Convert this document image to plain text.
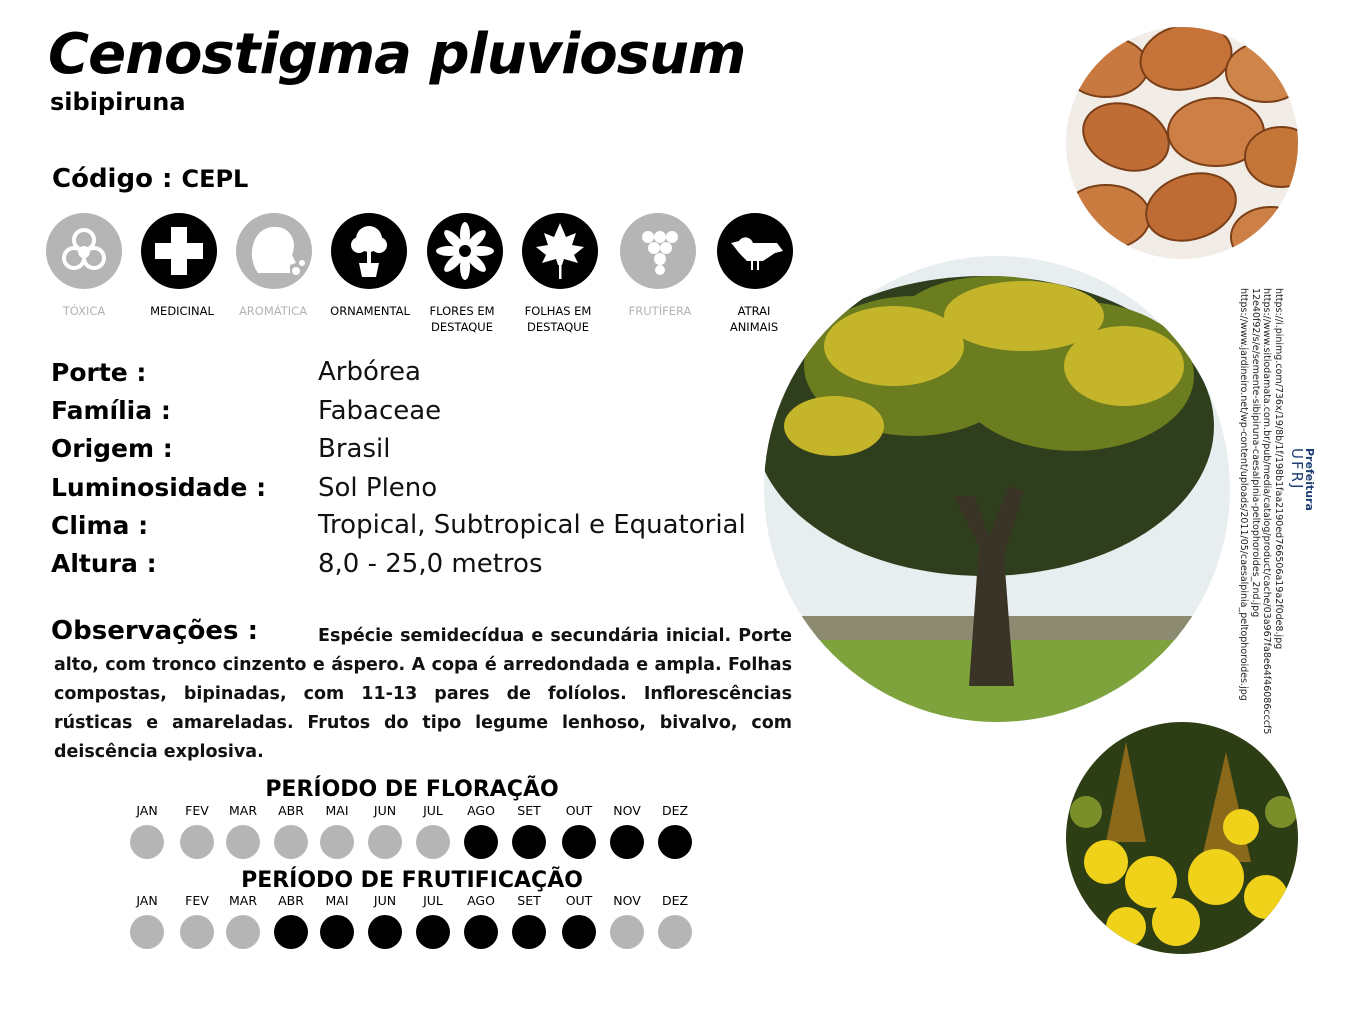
Cenostigma pluviosum
sibipiruna
Código : CEPL
TÓXICA	MEDICINAL	AROMÁTICA	ORNAMENTAL	FLORES EM DESTAQUE
FOLHAS EM DESTAQUE
FRUTÍFERA	ATRAI ANIMAIS
Porte :	Arbórea
Família :	Fabaceae
Origem :	Brasil
Luminosidade : Sol Pleno
Clima :	Tropical, Subtropical e Equatorial
Altura :	8,0 - 25,0 metros
Espécie semidecídua e secundária inicial. Porte alto, com tronco cinzento e áspero. A copa é arredondada e ampla. Folhas compostas, bipinadas, com 11-13 pares de folíolos. Inflorescências rústicas e amareladas. Frutos do tipo legume lenhoso, bivalvo, com deiscência explosiva.
Observações :
PERÍODO DE FLORAÇÃO
JAN	FEV	MAR	ABR	MAI	JUN	JUL	AGO	SET	OUT	NOV	DEZ
PERÍODO DE FRUTIFICAÇÃO
JAN	FEV	MAR	ABR	MAI	JUN	JUL	AGO	SET	OUT	NOV	DEZ
https://i.pinimg.com/736x/19/8b/1f/198b1faa2190ed766506a19a2f0de8.jpg
https://www.sitiodamata.com.br/pub/media/catalog/product/cache/03a967fa8e64f46086cccf5
12e40f92/s/e/semente-sibipiruna-caesalpinia-peltophoroides_2nd.jpg
https://www.jardineiro.net/wp-content/uploads/2011/05/caesalpinia_peltophoroides.jpg	Prefeitura
UFRJ
